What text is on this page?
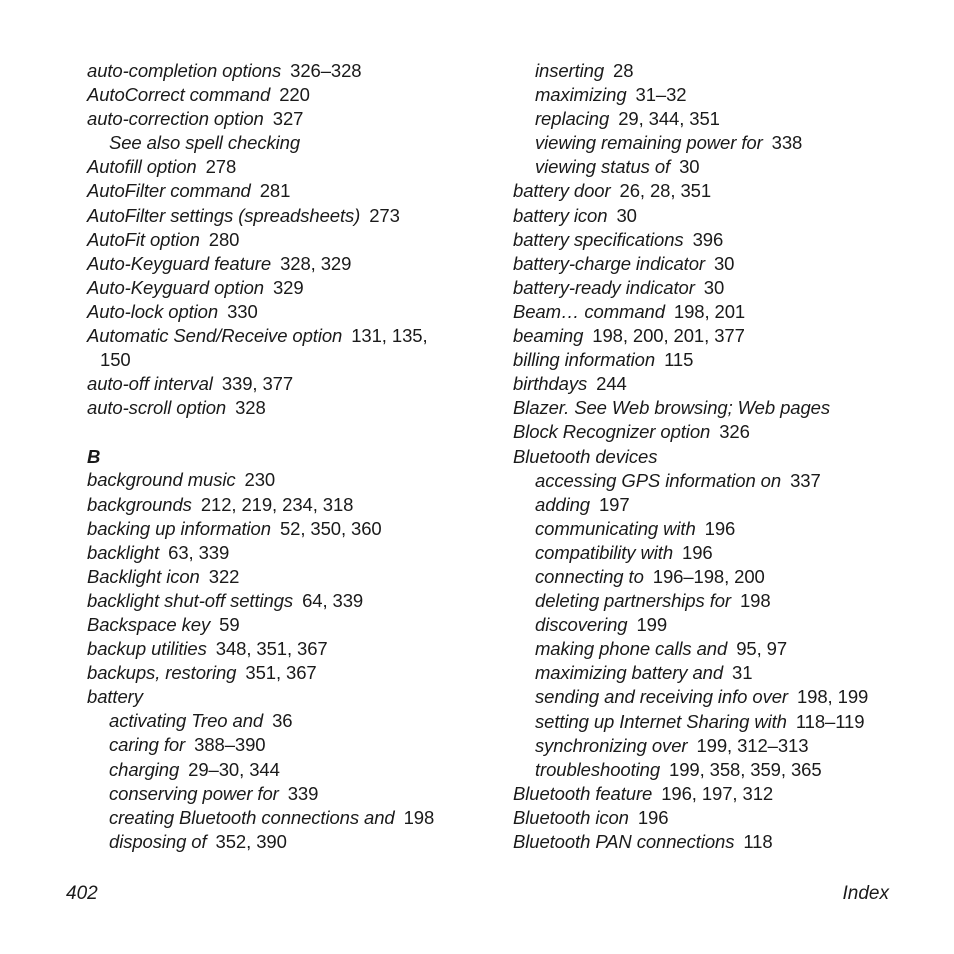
auto-completion options 326–328
AutoCorrect command 220
auto-correction option 327
See also spell checking
Autofill option 278
AutoFilter command 281
AutoFilter settings (spreadsheets) 273
AutoFit option 280
Auto-Keyguard feature 328, 329
Auto-Keyguard option 329
Auto-lock option 330
Automatic Send/Receive option 131, 135,
150
auto-off interval 339, 377
auto-scroll option 328
B
background music 230
backgrounds 212, 219, 234, 318
backing up information 52, 350, 360
backlight 63, 339
Backlight icon 322
backlight shut-off settings 64, 339
Backspace key 59
backup utilities 348, 351, 367
backups, restoring 351, 367
battery
activating Treo and 36
caring for 388–390
charging 29–30, 344
conserving power for 339
creating Bluetooth connections and 198
disposing of 352, 390
inserting 28
maximizing 31–32
replacing 29, 344, 351
viewing remaining power for 338
viewing status of 30
battery door 26, 28, 351
battery icon 30
battery specifications 396
battery-charge indicator 30
battery-ready indicator 30
Beam… command 198, 201
beaming 198, 200, 201, 377
billing information 115
birthdays 244
Blazer. See Web browsing; Web pages
Block Recognizer option 326
Bluetooth devices
accessing GPS information on 337
adding 197
communicating with 196
compatibility with 196
connecting to 196–198, 200
deleting partnerships for 198
discovering 199
making phone calls and 95, 97
maximizing battery and 31
sending and receiving info over 198, 199
setting up Internet Sharing with 118–119
synchronizing over 199, 312–313
troubleshooting 199, 358, 359, 365
Bluetooth feature 196, 197, 312
Bluetooth icon 196
Bluetooth PAN connections 118
402	Index
